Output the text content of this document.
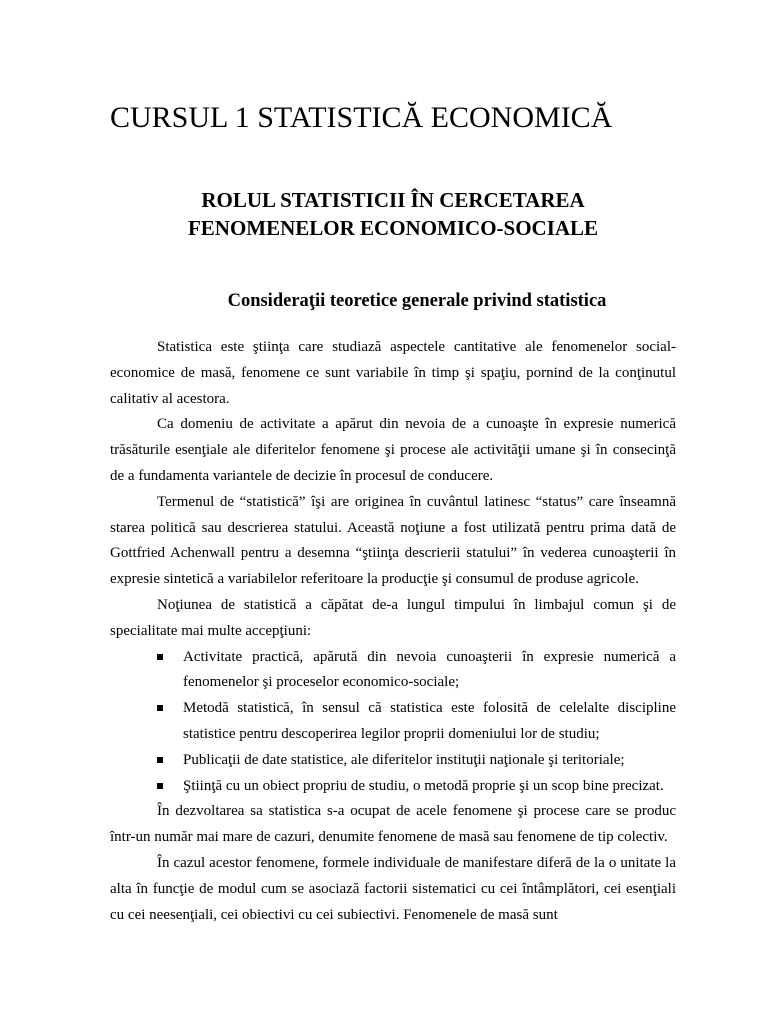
CURSUL 1 STATISTICĂ ECONOMICĂ
ROLUL STATISTICII ÎN CERCETAREA
FENOMENELOR ECONOMICO-SOCIALE
Consideraţii teoretice generale privind statistica

Statistica este ştiinţa care studiază aspectele cantitative ale fenomenelor social-economice de masă, fenomene ce sunt variabile în timp şi spaţiu, pornind de la conţinutul calitativ al acestora.

Ca domeniu de activitate a apărut din nevoia de a cunoaşte în expresie numerică trăsăturile esenţiale ale diferitelor fenomene şi procese ale activităţii umane şi în consecinţă de a fundamenta variantele de decizie în procesul de conducere.

Termenul de “statistică” îşi are originea în cuvântul latinesc “status” care înseamnă starea politică sau descrierea statului. Această noţiune a fost utilizată pentru prima dată de Gottfried Achenwall pentru a desemna “ştiinţa descrierii statului” în vederea cunoaşterii în expresie sintetică a variabilelor referitoare la producţie şi consumul de produse agricole.

Noţiunea de statistică a căpătat de-a lungul timpului în limbajul comun şi de specialitate mai multe accepţiuni:

Activitate practică, apărută din nevoia cunoaşterii în expresie numerică a fenomenelor şi proceselor economico-sociale;
Metodă statistică, în sensul că statistica este folosită de celelalte discipline statistice pentru descoperirea legilor proprii domeniului lor de studiu;
Publicaţii de date statistice, ale diferitelor instituţii naţionale şi teritoriale;
Ştiinţă cu un obiect propriu de studiu, o metodă proprie şi un scop bine precizat.

În dezvoltarea sa statistica s-a ocupat de acele fenomene şi procese care se produc într-un număr mai mare de cazuri, denumite fenomene de masă sau fenomene de tip colectiv.

În cazul acestor fenomene, formele individuale de manifestare diferă de la o unitate la alta în funcţie de modul cum se asociază factorii sistematici cu cei întâmplători, cei esenţiali cu cei neesenţiali, cei obiectivi cu cei subiectivi. Fenomenele de masă sunt
